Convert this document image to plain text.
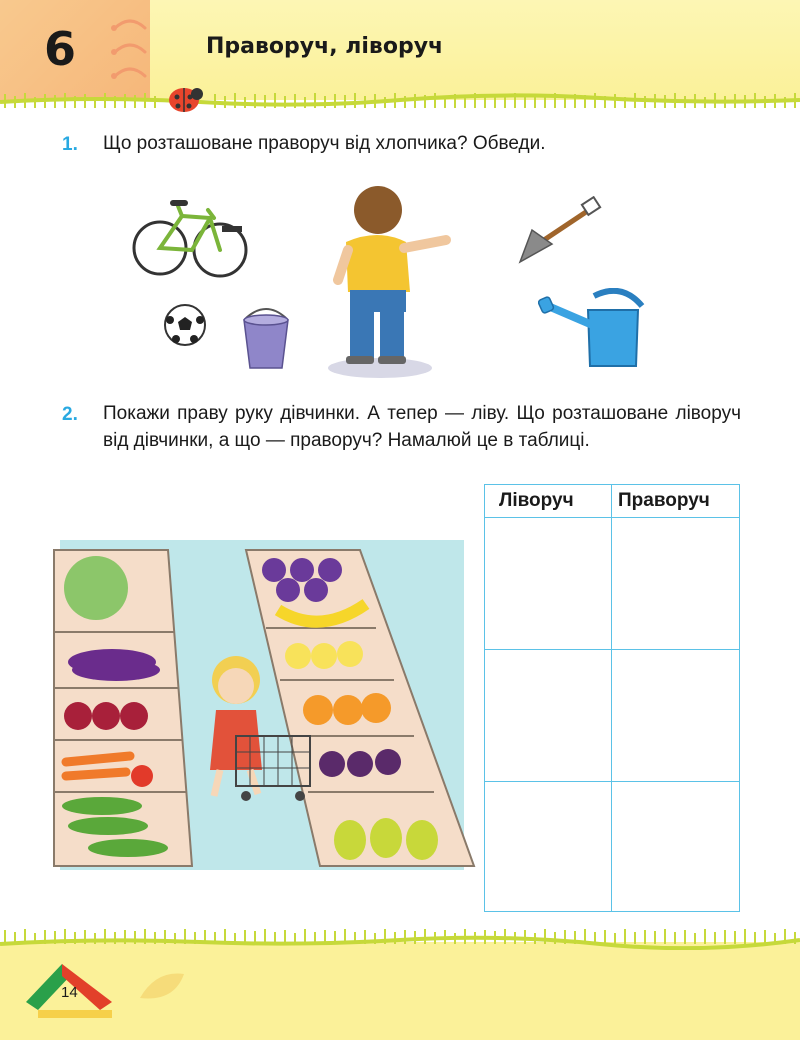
6	Праворуч, ліворуч
1. Що розташоване праворуч від хлопчика? Обведи.
2. Покажи праву руку дівчинки. А тепер — ліву. Що розташоване ліворуч від дівчинки, а що — праворуч? Намалюй це в таблиці.
Ліворуч Праворуч
14
